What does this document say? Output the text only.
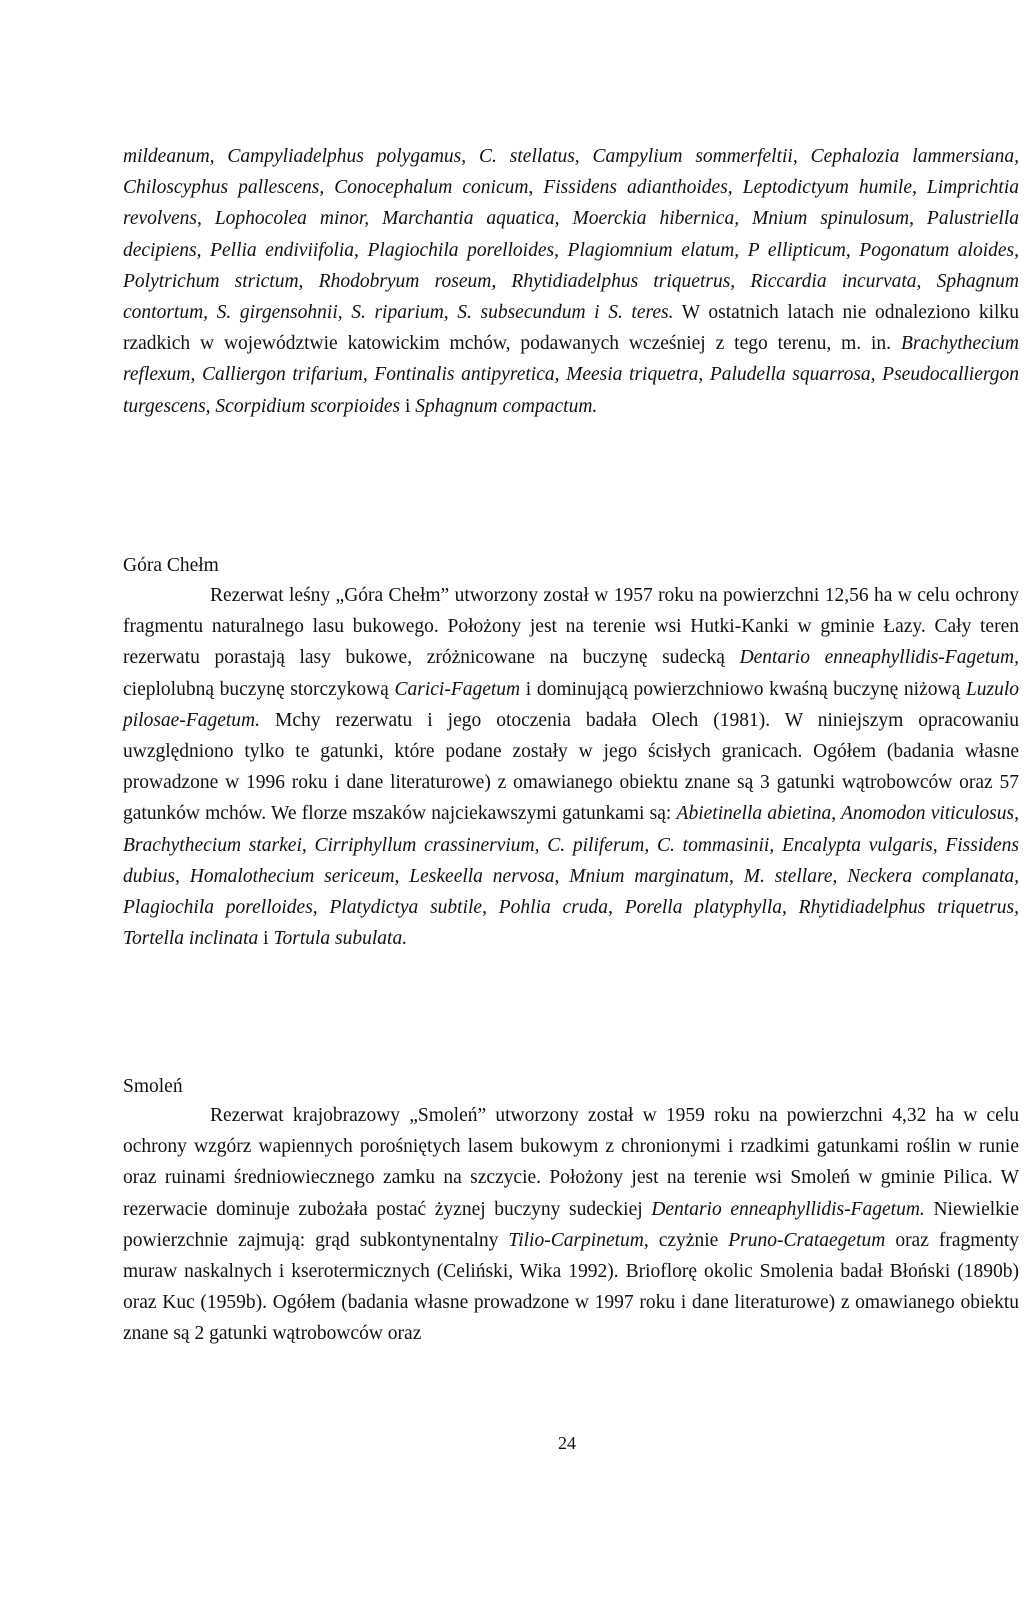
mildeanum, Campyliadelphus polygamus, C. stellatus, Campylium sommerfeltii, Cephalozia lammersiana, Chiloscyphus pallescens, Conocephalum conicum, Fissidens adianthoides, Leptodictyum humile, Limprichtia revolvens, Lophocolea minor, Marchantia aquatica, Moerckia hibernica, Mnium spinulosum, Palustriella decipiens, Pellia endiviifolia, Plagiochila porelloides, Plagiomnium elatum, P ellipticum, Pogonatum aloides, Polytrichum strictum, Rhodobryum roseum, Rhytidiadelphus triquetrus, Riccardia incurvata, Sphagnum contortum, S. girgensohnii, S. riparium, S. subsecundum i S. teres. W ostatnich latach nie odnaleziono kilku rzadkich w województwie katowickim mchów, podawanych wcześniej z tego terenu, m. in. Brachythecium reflexum, Calliergon trifarium, Fontinalis antipyretica, Meesia triquetra, Paludella squarrosa, Pseudocalliergon turgescens, Scorpidium scorpioides i Sphagnum compactum.

Góra Chełm

Rezerwat leśny „Góra Chełm” utworzony został w 1957 roku na powierzchni 12,56 ha w celu ochrony fragmentu naturalnego lasu bukowego. Położony jest na terenie wsi Hutki-Kanki w gminie Łazy. Cały teren rezerwatu porastają lasy bukowe, zróżnicowane na buczynę sudecką Dentario enneaphyllidis-Fagetum, cieplolubną buczynę storczykową Carici-Fagetum i dominującą powierzchniowo kwaśną buczynę niżową Luzulo pilosae-Fagetum. Mchy rezerwatu i jego otoczenia badała Olech (1981). W niniejszym opracowaniu uwzględniono tylko te gatunki, które podane zostały w jego ścisłych granicach. Ogółem (badania własne prowadzone w 1996 roku i dane literaturowe) z omawianego obiektu znane są 3 gatunki wątrobowców oraz 57 gatunków mchów. We florze mszaków najciekawszymi gatunkami są: Abietinella abietina, Anomodon viticulosus, Brachythecium starkei, Cirriphyllum crassinervium, C. piliferum, C. tommasinii, Encalypta vulgaris, Fissidens dubius, Homalothecium sericeum, Leskeella nervosa, Mnium marginatum, M. stellare, Neckera complanata, Plagiochila porelloides, Platydictya subtile, Pohlia cruda, Porella platyphylla, Rhytidiadelphus triquetrus, Tortella inclinata i Tortula subulata.

Smoleń

Rezerwat krajobrazowy „Smoleń” utworzony został w 1959 roku na powierzchni 4,32 ha w celu ochrony wzgórz wapiennych porośniętych lasem bukowym z chronionymi i rzadkimi gatunkami roślin w runie oraz ruinami średniowiecznego zamku na szczycie. Położony jest na terenie wsi Smoleń w gminie Pilica. W rezerwacie dominuje zubożała postać żyznej buczyny sudeckiej Dentario enneaphyllidis-Fagetum. Niewielkie powierzchnie zajmują: grąd subkontynentalny Tilio-Carpinetum, czyżnie Pruno-Crataegetum oraz fragmenty muraw naskalnych i kserotermicznych (Celiński, Wika 1992). Brioflorę okolic Smolenia badał Błoński (1890b) oraz Kuc (1959b). Ogółem (badania własne prowadzone w 1997 roku i dane literaturowe) z omawianego obiektu znane są 2 gatunki wątrobowców oraz

24
